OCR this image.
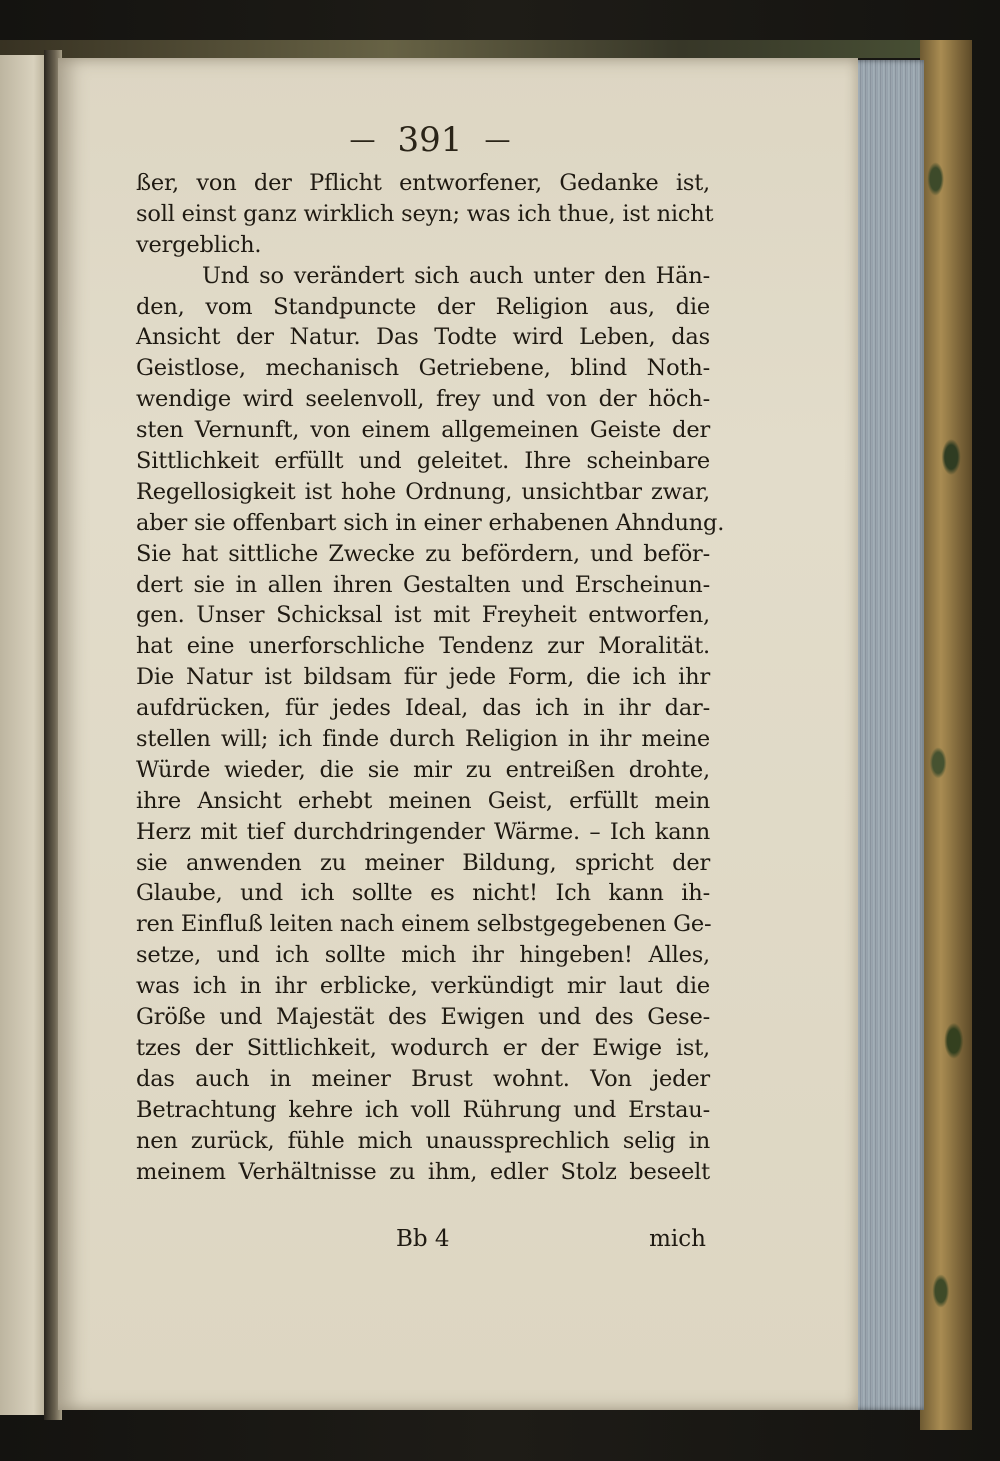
— 391 —
ßer, von der Pflicht entworfener, Gedanke ist,
soll einst ganz wirklich seyn; was ich thue, ist nicht
vergeblich.
Und so verändert sich auch unter den Hän-
den, vom Standpuncte der Religion aus, die
Ansicht der Natur. Das Todte wird Leben, das
Geistlose, mechanisch Getriebene, blind Noth-
wendige wird seelenvoll, frey und von der höch-
sten Vernunft, von einem allgemeinen Geiste der
Sittlichkeit erfüllt und geleitet. Ihre scheinbare
Regellosigkeit ist hohe Ordnung, unsichtbar zwar,
aber sie offenbart sich in einer erhabenen Ahndung.
Sie hat sittliche Zwecke zu befördern, und beför-
dert sie in allen ihren Gestalten und Erscheinun-
gen. Unser Schicksal ist mit Freyheit entworfen,
hat eine unerforschliche Tendenz zur Moralität.
Die Natur ist bildsam für jede Form, die ich ihr
aufdrücken, für jedes Ideal, das ich in ihr dar-
stellen will; ich finde durch Religion in ihr meine
Würde wieder, die sie mir zu entreißen drohte,
ihre Ansicht erhebt meinen Geist, erfüllt mein
Herz mit tief durchdringender Wärme. – Ich kann
sie anwenden zu meiner Bildung, spricht der
Glaube, und ich sollte es nicht! Ich kann ih-
ren Einfluß leiten nach einem selbstgegebenen Ge-
setze, und ich sollte mich ihr hingeben! Alles,
was ich in ihr erblicke, verkündigt mir laut die
Größe und Majestät des Ewigen und des Gese-
tzes der Sittlichkeit, wodurch er der Ewige ist,
das auch in meiner Brust wohnt. Von jeder
Betrachtung kehre ich voll Rührung und Erstau-
nen zurück, fühle mich unaussprechlich selig in
meinem Verhältnisse zu ihm, edler Stolz beseelt
Bb 4	mich
